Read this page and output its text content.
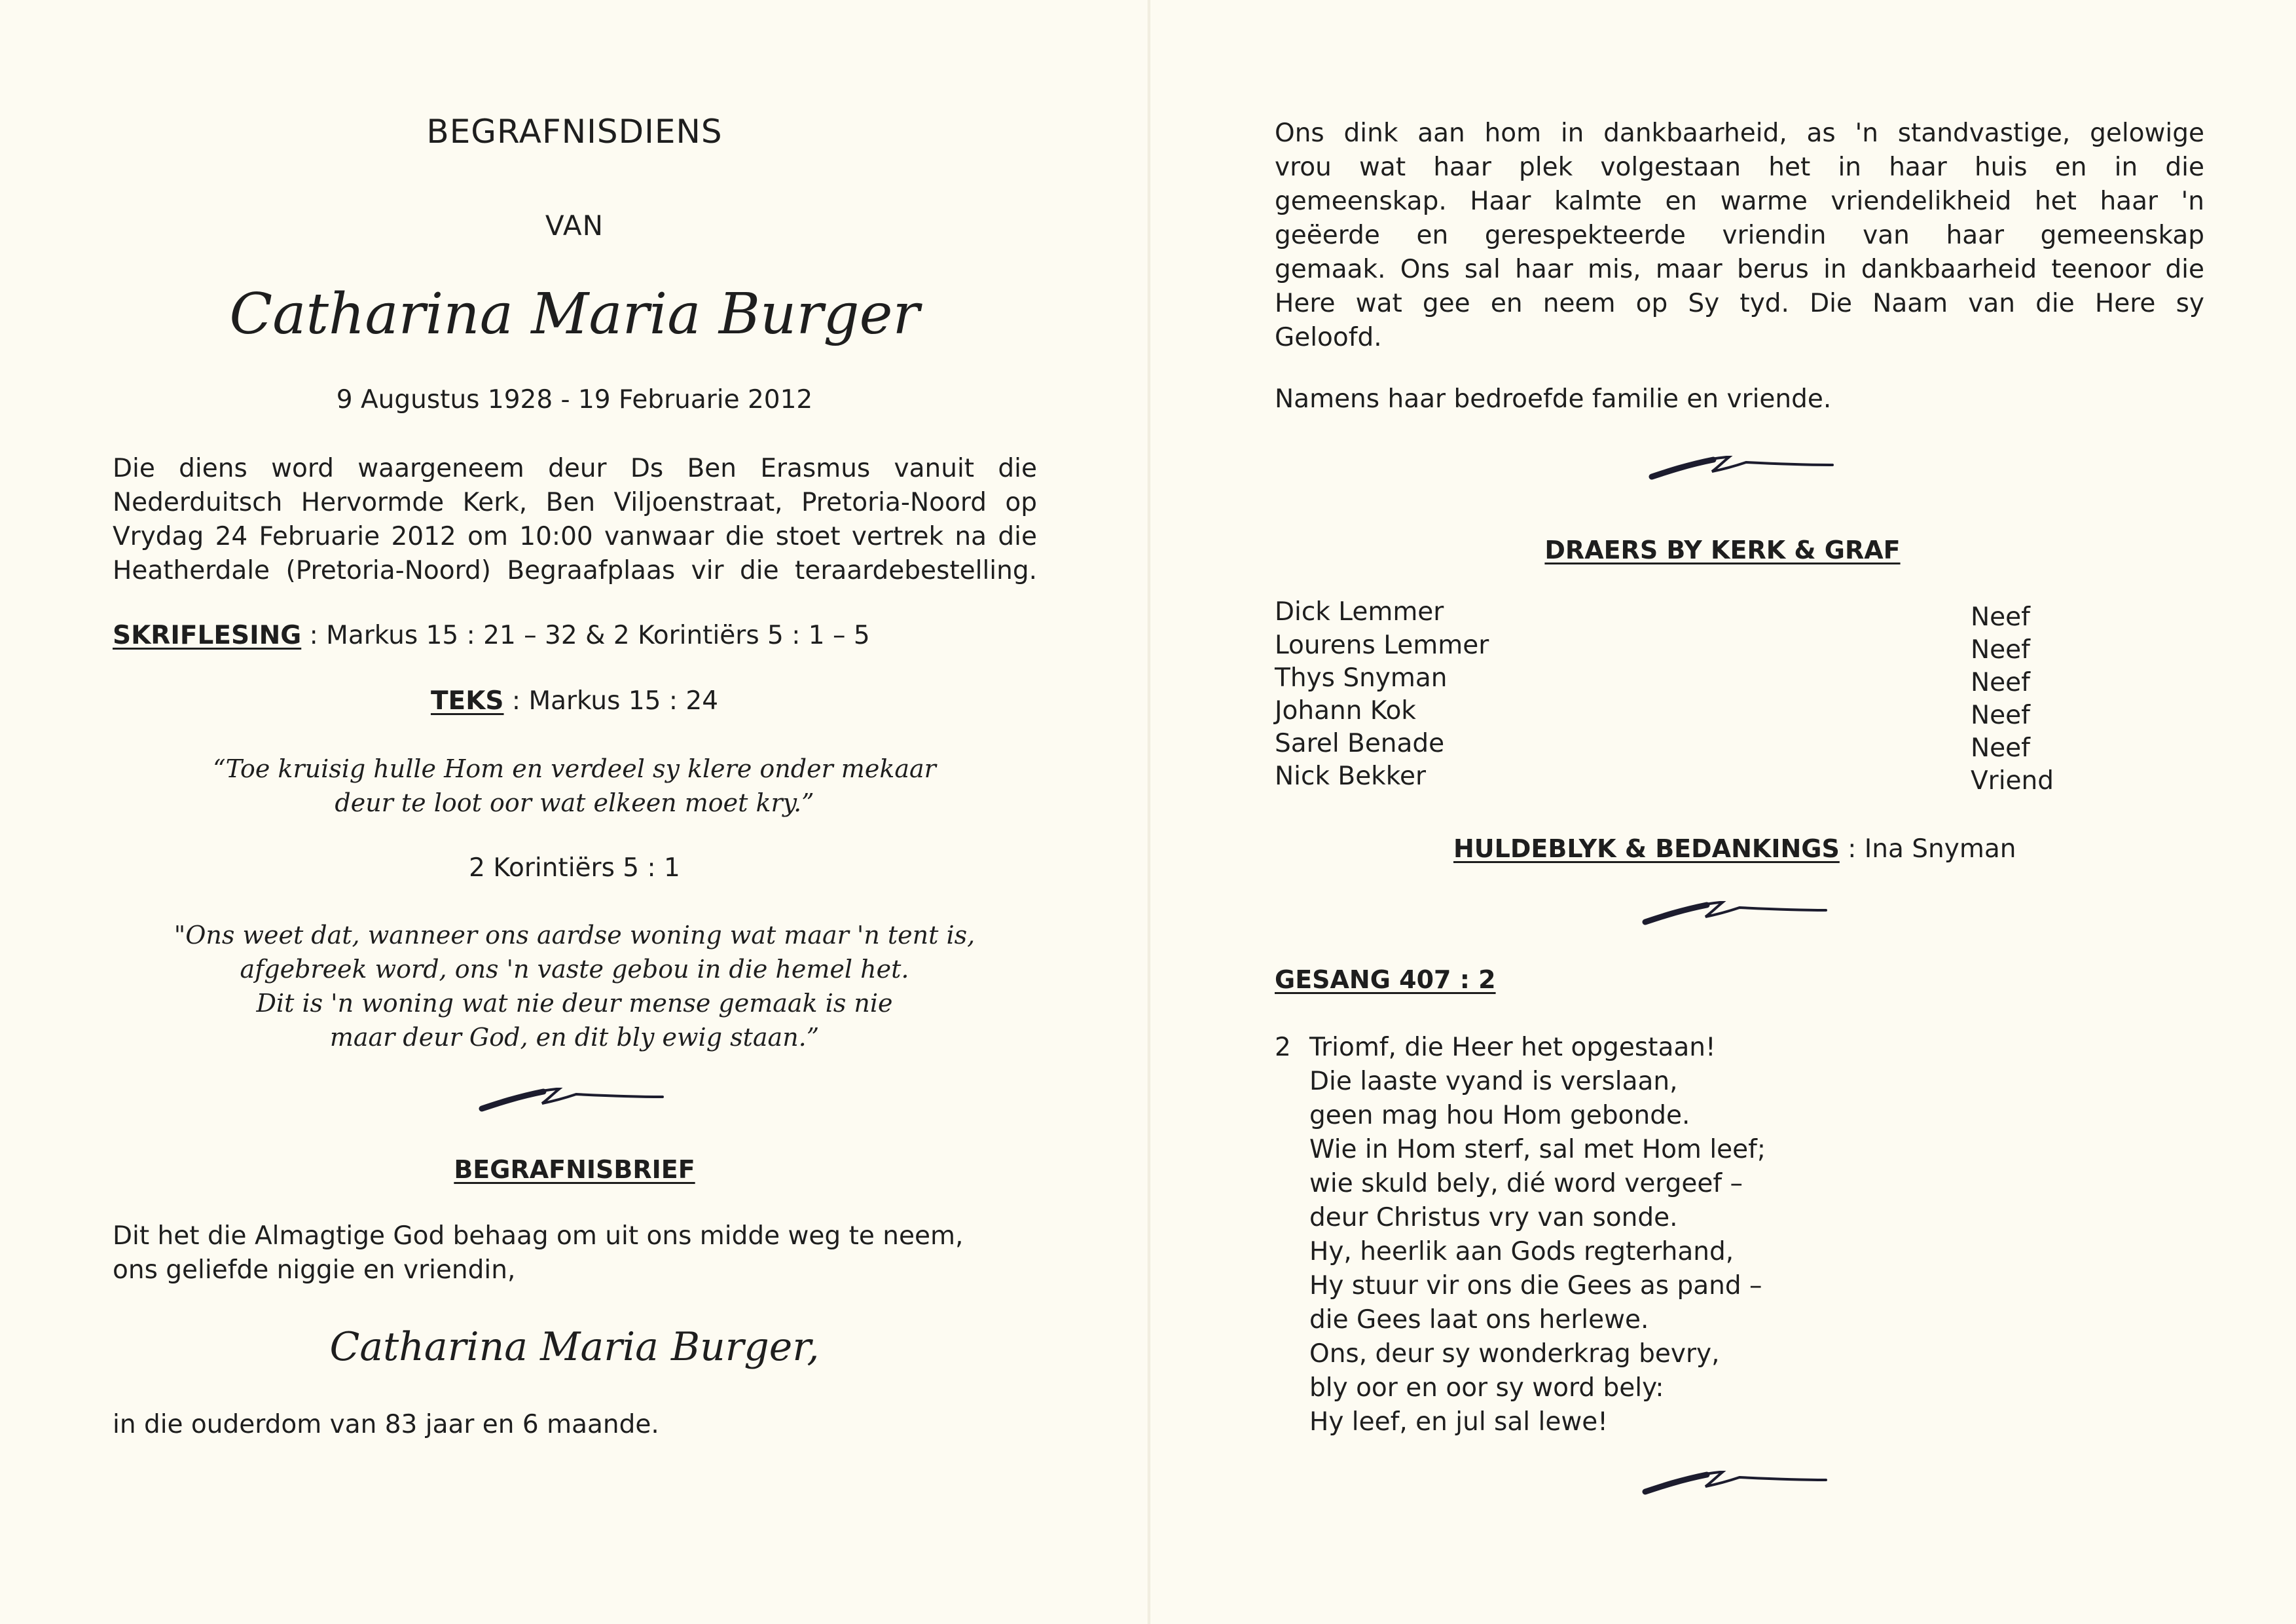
BEGRAFNISDIENS
VAN
Catharina Maria Burger
9 Augustus 1928 - 19 Februarie 2012
Die diens word waargeneem deur Ds Ben Erasmus vanuit die
Nederduitsch Hervormde Kerk, Ben Viljoenstraat, Pretoria-Noord op
Vrydag 24 Februarie 2012 om 10:00 vanwaar die stoet vertrek na die
Heatherdale (Pretoria-Noord) Begraafplaas vir die teraardebestelling.
SKRIFLESING : Markus 15 : 21 – 32 & 2 Korintiërs 5 : 1 – 5
TEKS : Markus 15 : 24
“Toe kruisig hulle Hom en verdeel sy klere onder mekaar
deur te loot oor wat elkeen moet kry.”
2 Korintiërs 5 : 1
"Ons weet dat, wanneer ons aardse woning wat maar 'n tent is,
afgebreek word, ons 'n vaste gebou in die hemel het.
Dit is 'n woning wat nie deur mense gemaak is nie
maar deur God, en dit bly ewig staan.”
BEGRAFNISBRIEF
Dit het die Almagtige God behaag om uit ons midde weg te neem,
ons geliefde niggie en vriendin,
Catharina Maria Burger,
in die ouderdom van 83 jaar en 6 maande.
Ons dink aan hom in dankbaarheid, as 'n standvastige, gelowige
vrou wat haar plek volgestaan het in haar huis en in die
gemeenskap. Haar kalmte en warme vriendelikheid het haar 'n
geëerde en gerespekteerde vriendin van haar gemeenskap
gemaak. Ons sal haar mis, maar berus in dankbaarheid teenoor die
Here wat gee en neem op Sy tyd. Die Naam van die Here sy
Geloofd.
Namens haar bedroefde familie en vriende.
DRAERS BY KERK & GRAF
Dick Lemmer	Neef
Lourens Lemmer	Neef
Thys Snyman	Neef
Johann Kok	Neef
Sarel Benade	Neef
Nick Bekker	Vriend
HULDEBLYK & BEDANKINGS : Ina Snyman
GESANG 407 : 2
2 Triomf, die Heer het opgestaan!
Die laaste vyand is verslaan,
geen mag hou Hom gebonde.
Wie in Hom sterf, sal met Hom leef;
wie skuld bely, dié word vergeef –
deur Christus vry van sonde.
Hy, heerlik aan Gods regterhand,
Hy stuur vir ons die Gees as pand –
die Gees laat ons herlewe.
Ons, deur sy wonderkrag bevry,
bly oor en oor sy word bely:
Hy leef, en jul sal lewe!
